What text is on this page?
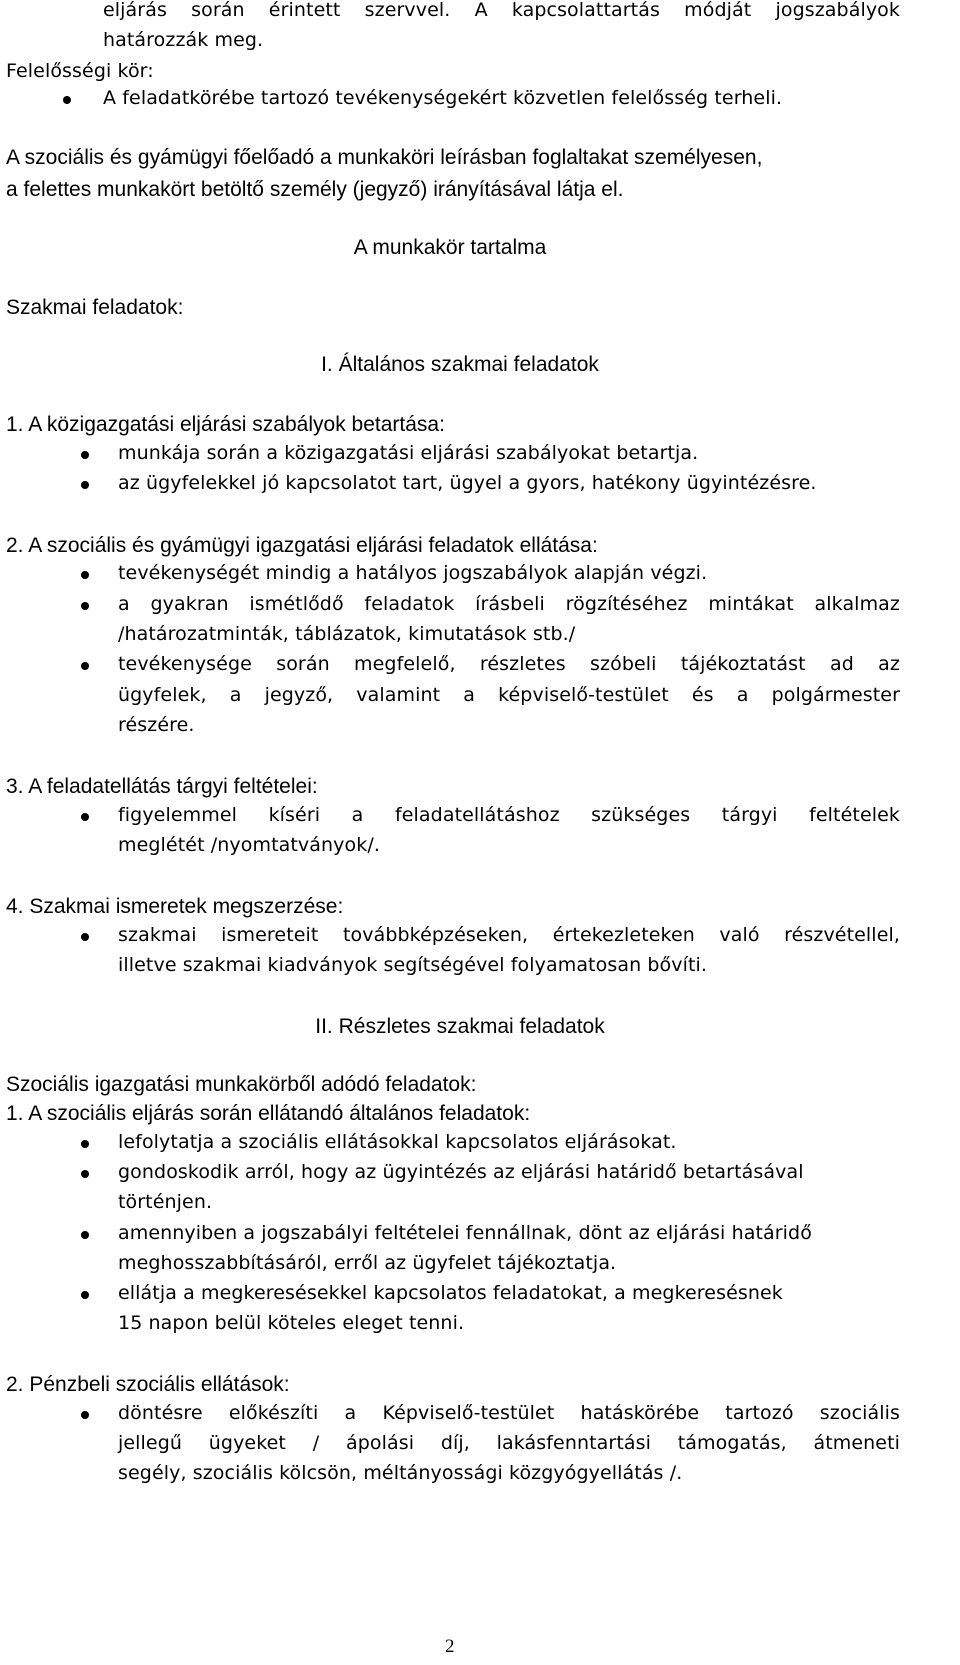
eljárás során érintett szervvel. A kapcsolattartás módját jogszabályok
határozzák meg.
Felelősségi kör:
A feladatkörébe tartozó tevékenységekért közvetlen felelősség terheli.
A szociális és gyámügyi főelőadó a munkaköri leírásban foglaltakat személyesen,
a felettes munkakört betöltő személy (jegyző) irányításával látja el.
A munkakör tartalma
Szakmai feladatok:
I. Általános szakmai feladatok
1. A közigazgatási eljárási szabályok betartása:
munkája során a közigazgatási eljárási szabályokat betartja.
az ügyfelekkel jó kapcsolatot tart, ügyel a gyors, hatékony ügyintézésre.
2. A szociális és gyámügyi igazgatási eljárási feladatok ellátása:
tevékenységét mindig a hatályos jogszabályok alapján végzi.
a gyakran ismétlődő feladatok írásbeli rögzítéséhez mintákat alkalmaz
/határozatminták, táblázatok, kimutatások stb./
tevékenysége során megfelelő, részletes szóbeli tájékoztatást ad az
ügyfelek, a jegyző, valamint a képviselő-testület és a polgármester
részére.
3. A feladatellátás tárgyi feltételei:
figyelemmel kíséri a feladatellátáshoz szükséges tárgyi feltételek
meglétét /nyomtatványok/.
4. Szakmai ismeretek megszerzése:
szakmai ismereteit továbbképzéseken, értekezleteken való részvétellel,
illetve szakmai kiadványok segítségével folyamatosan bővíti.
II. Részletes szakmai feladatok
Szociális igazgatási munkakörből adódó feladatok:
1. A szociális eljárás során ellátandó általános feladatok:
lefolytatja a szociális ellátásokkal kapcsolatos eljárásokat.
gondoskodik arról, hogy az ügyintézés az eljárási határidő betartásával
történjen.
amennyiben a jogszabályi feltételei fennállnak, dönt az eljárási határidő
meghosszabbításáról, erről az ügyfelet tájékoztatja.
ellátja a megkeresésekkel kapcsolatos feladatokat, a megkeresésnek
15 napon belül köteles eleget tenni.
2. Pénzbeli szociális ellátások:
döntésre előkészíti a Képviselő-testület hatáskörébe tartozó szociális
jellegű ügyeket / ápolási díj, lakásfenntartási támogatás, átmeneti
segély, szociális kölcsön, méltányossági közgyógyellátás /.
2
